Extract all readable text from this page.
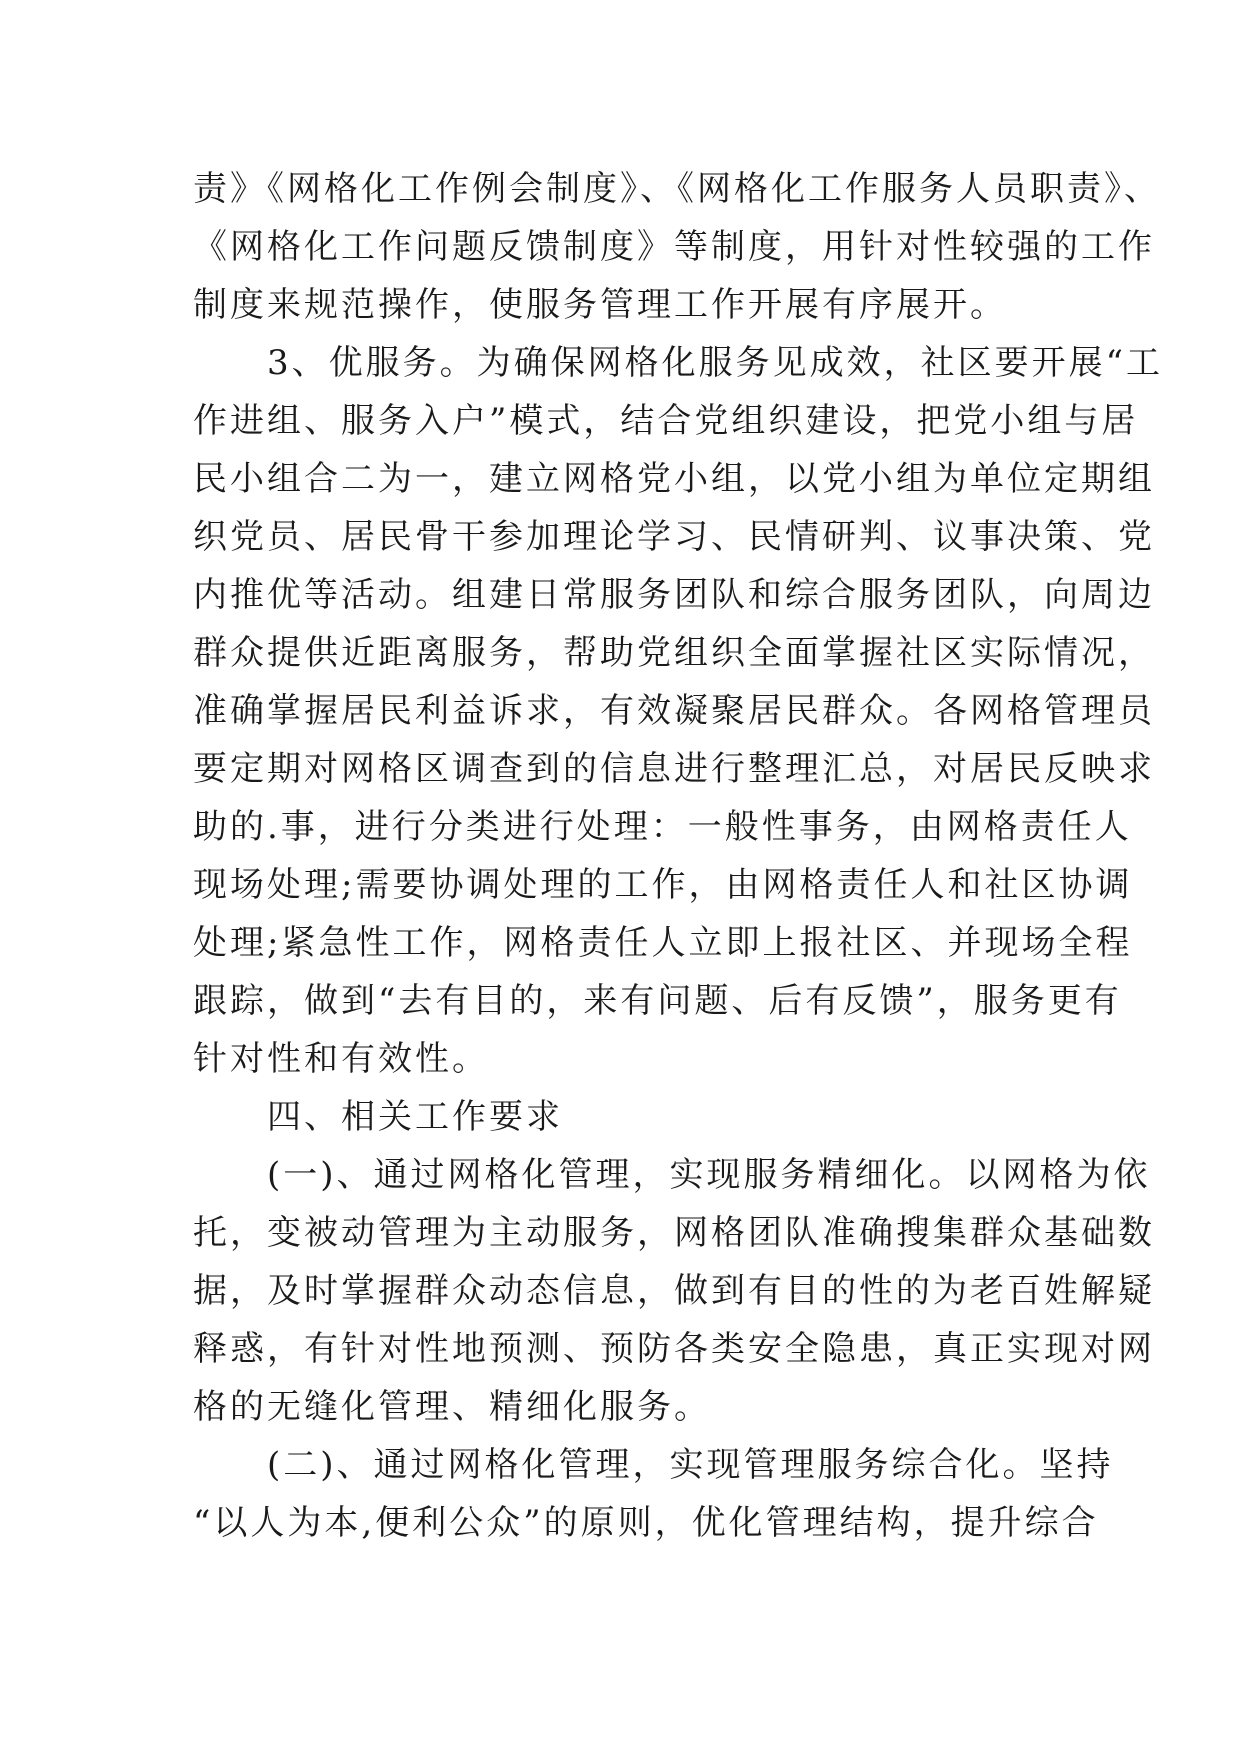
责》《网格化工作例会制度》、《网格化工作服务人员职责》、
《网格化工作问题反馈制度》等制度，用针对性较强的工作
制度来规范操作，使服务管理工作开展有序展开。
　　3、优服务。为确保网格化服务见成效，社区要开展“工
作进组、服务入户”模式，结合党组织建设，把党小组与居
民小组合二为一，建立网格党小组，以党小组为单位定期组
织党员、居民骨干参加理论学习、民情研判、议事决策、党
内推优等活动。组建日常服务团队和综合服务团队，向周边
群众提供近距离服务，帮助党组织全面掌握社区实际情况，
准确掌握居民利益诉求，有效凝聚居民群众。各网格管理员
要定期对网格区调查到的信息进行整理汇总，对居民反映求
助的.事，进行分类进行处理：一般性事务，由网格责任人
现场处理;需要协调处理的工作，由网格责任人和社区协调
处理;紧急性工作，网格责任人立即上报社区、并现场全程
跟踪，做到“去有目的，来有问题、后有反馈”，服务更有
针对性和有效性。
　　四、相关工作要求
　　(一)、通过网格化管理，实现服务精细化。以网格为依
托，变被动管理为主动服务，网格团队准确搜集群众基础数
据，及时掌握群众动态信息，做到有目的性的为老百姓解疑
释惑，有针对性地预测、预防各类安全隐患，真正实现对网
格的无缝化管理、精细化服务。
　　(二)、通过网格化管理，实现管理服务综合化。坚持
“以人为本,便利公众”的原则，优化管理结构，提升综合
